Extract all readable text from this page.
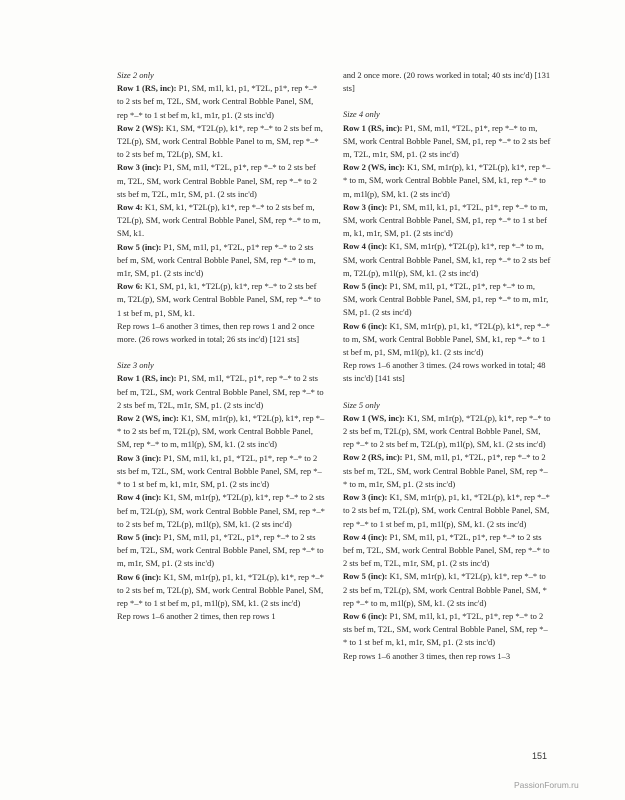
Size 2 only

Row 1 (RS, inc): P1, SM, m1l, k1, p1, *T2L, p1*, rep *–* to 2 sts bef m, T2L, SM, work Central Bobble Panel, SM, rep *–* to 1 st bef m, k1, m1r, p1. (2 sts inc'd)

Row 2 (WS): K1, SM, *T2L(p), k1*, rep *–* to 2 sts bef m, T2L(p), SM, work Central Bobble Panel to m, SM, rep *–* to 2 sts bef m, T2L(p), SM, k1.

Row 3 (inc): P1, SM, m1l, *T2L, p1*, rep *–* to 2 sts bef m, T2L, SM, work Central Bobble Panel, SM, rep *–* to 2 sts bef m, T2L, m1r, SM, p1. (2 sts inc'd)

Row 4: K1, SM, k1, *T2L(p), k1*, rep *–* to 2 sts bef m, T2L(p), SM, work Central Bobble Panel, SM, rep *–* to m, SM, k1.

Row 5 (inc): P1, SM, m1l, p1, *T2L, p1* rep *–* to 2 sts bef m, SM, work Central Bobble Panel, SM, rep *–* to m, m1r, SM, p1. (2 sts inc'd)

Row 6: K1, SM, p1, k1, *T2L(p), k1*, rep *–* to 2 sts bef m, T2L(p), SM, work Central Bobble Panel, SM, rep *–* to 1 st bef m, p1, SM, k1.

Rep rows 1–6 another 3 times, then rep rows 1 and 2 once more. (26 rows worked in total; 26 sts inc'd) [121 sts]

Size 3 only

Row 1 (RS, inc): P1, SM, m1l, *T2L, p1*, rep *–* to 2 sts bef m, T2L, SM, work Central Bobble Panel, SM, rep *–* to 2 sts bef m, T2L, m1r, SM, p1. (2 sts inc'd)

Row 2 (WS, inc): K1, SM, m1r(p), k1, *T2L(p), k1*, rep *–* to 2 sts bef m, T2L(p), SM, work Central Bobble Panel, SM, rep *–* to m, m1l(p), SM, k1. (2 sts inc'd)

Row 3 (inc): P1, SM, m1l, k1, p1, *T2L, p1*, rep *–* to 2 sts bef m, T2L, SM, work Central Bobble Panel, SM, rep *–* to 1 st bef m, k1, m1r, SM, p1. (2 sts inc'd)

Row 4 (inc): K1, SM, m1r(p), *T2L(p), k1*, rep *–* to 2 sts bef m, T2L(p), SM, work Central Bobble Panel, SM, rep *–* to 2 sts bef m, T2L(p), m1l(p), SM, k1. (2 sts inc'd)

Row 5 (inc): P1, SM, m1l, p1, *T2L, p1*, rep *–* to 2 sts bef m, T2L, SM, work Central Bobble Panel, SM, rep *–* to m, m1r, SM, p1. (2 sts inc'd)

Row 6 (inc): K1, SM, m1r(p), p1, k1, *T2L(p), k1*, rep *–* to 2 sts bef m, T2L(p), SM, work Central Bobble Panel, SM, rep *–* to 1 st bef m, p1, m1l(p), SM, k1. (2 sts inc'd)

Rep rows 1–6 another 2 times, then rep rows 1

and 2 once more. (20 rows worked in total; 40 sts inc'd) [131 sts]

Size 4 only

Row 1 (RS, inc): P1, SM, m1l, *T2L, p1*, rep *–* to m, SM, work Central Bobble Panel, SM, p1, rep *–* to 2 sts bef m, T2L, m1r, SM, p1. (2 sts inc'd)

Row 2 (WS, inc): K1, SM, m1r(p), k1, *T2L(p), k1*, rep *–* to m, SM, work Central Bobble Panel, SM, k1, rep *–* to m, m1l(p), SM, k1. (2 sts inc'd)

Row 3 (inc): P1, SM, m1l, k1, p1, *T2L, p1*, rep *–* to m, SM, work Central Bobble Panel, SM, p1, rep *–* to 1 st bef m, k1, m1r, SM, p1. (2 sts inc'd)

Row 4 (inc): K1, SM, m1r(p), *T2L(p), k1*, rep *–* to m, SM, work Central Bobble Panel, SM, k1, rep *–* to 2 sts bef m, T2L(p), m1l(p), SM, k1. (2 sts inc'd)

Row 5 (inc): P1, SM, m1l, p1, *T2L, p1*, rep *–* to m, SM, work Central Bobble Panel, SM, p1, rep *–* to m, m1r, SM, p1. (2 sts inc'd)

Row 6 (inc): K1, SM, m1r(p), p1, k1, *T2L(p), k1*, rep *–* to m, SM, work Central Bobble Panel, SM, k1, rep *–* to 1 st bef m, p1, SM, m1l(p), k1. (2 sts inc'd)

Rep rows 1–6 another 3 times. (24 rows worked in total; 48 sts inc'd) [141 sts]

Size 5 only

Row 1 (WS, inc): K1, SM, m1r(p), *T2L(p), k1*, rep *–* to 2 sts bef m, T2L(p), SM, work Central Bobble Panel, SM, rep *–* to 2 sts bef m, T2L(p), m1l(p), SM, k1. (2 sts inc'd)

Row 2 (RS, inc): P1, SM, m1l, p1, *T2L, p1*, rep *–* to 2 sts bef m, T2L, SM, work Central Bobble Panel, SM, rep *–* to m, m1r, SM, p1. (2 sts inc'd)

Row 3 (inc): K1, SM, m1r(p), p1, k1, *T2L(p), k1*, rep *–* to 2 sts bef m, T2L(p), SM, work Central Bobble Panel, SM, rep *–* to 1 st bef m, p1, m1l(p), SM, k1. (2 sts inc'd)

Row 4 (inc): P1, SM, m1l, p1, *T2L, p1*, rep *–* to 2 sts bef m, T2L, SM, work Central Bobble Panel, SM, rep *–* to 2 sts bef m, T2L, m1r, SM, p1. (2 sts inc'd)

Row 5 (inc): K1, SM, m1r(p), k1, *T2L(p), k1*, rep *–* to 2 sts bef m, T2L(p), SM, work Central Bobble Panel, SM, * rep *–* to m, m1l(p), SM, k1. (2 sts inc'd)

Row 6 (inc): P1, SM, m1l, k1, p1, *T2L, p1*, rep *–* to 2 sts bef m, T2L, SM, work Central Bobble Panel, SM, rep *–* to 1 st bef m, k1, m1r, SM, p1. (2 sts inc'd)

Rep rows 1–6 another 3 times, then rep rows 1–3

151
PassionForum.ru
